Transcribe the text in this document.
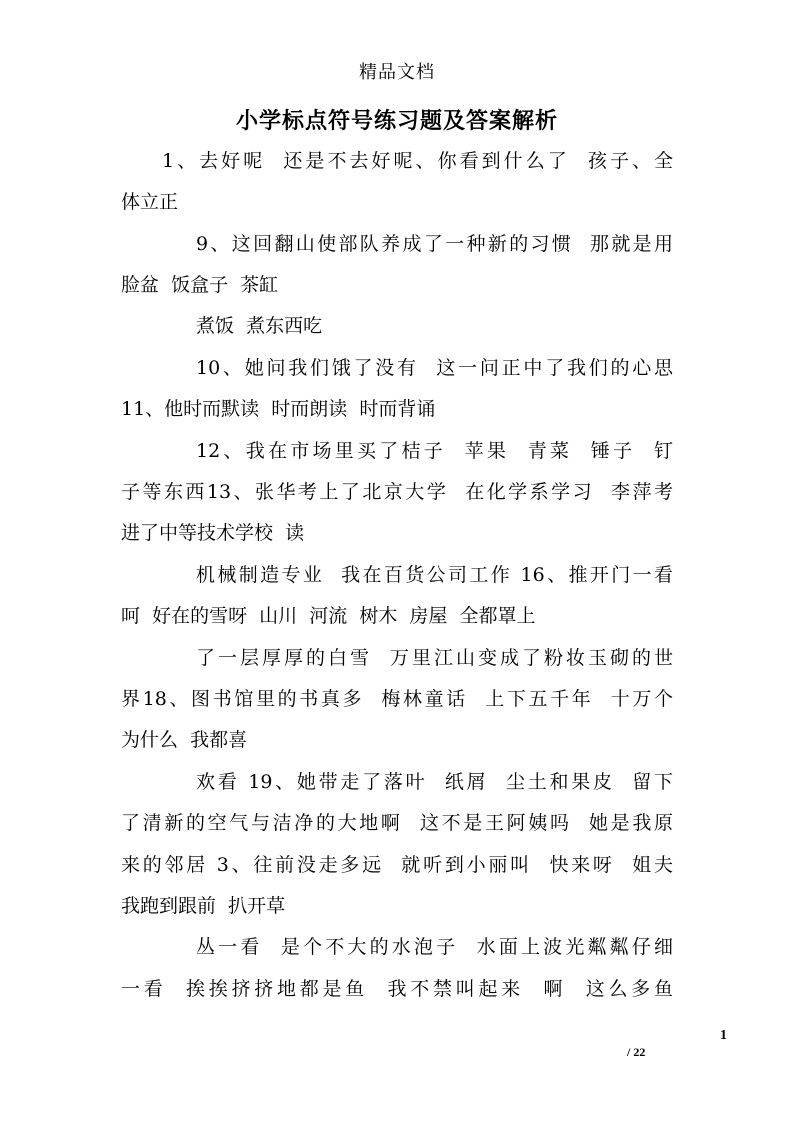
精品文档
小学标点符号练习题及答案解析
1、去好呢  还是不去好呢、你看到什么了  孩子、全
体立正
9、这回翻山使部队养成了一种新的习惯  那就是用
脸盆  饭盒子  茶缸
煮饭  煮东西吃
10、她问我们饿了没有  这一问正中了我们的心思
11、他时而默读  时而朗读  时而背诵
12、我在市场里买了桔子  苹果  青菜  锤子  钉
子等东西13、张华考上了北京大学  在化学系学习  李萍考
进了中等技术学校  读
机械制造专业  我在百货公司工作 16、推开门一看
呵  好在的雪呀  山川  河流  树木  房屋  全都罩上
了一层厚厚的白雪  万里江山变成了粉妆玉砌的世
界18、图书馆里的书真多  梅林童话  上下五千年  十万个
为什么  我都喜
欢看 19、她带走了落叶  纸屑  尘土和果皮  留下
了清新的空气与洁净的大地啊  这不是王阿姨吗  她是我原
来的邻居 3、往前没走多远  就听到小丽叫  快来呀  姐夫
我跑到跟前  扒开草
丛一看  是个不大的水泡子  水面上波光粼粼仔细
一看  挨挨挤挤地都是鱼  我不禁叫起来  啊  这么多鱼
1
/ 22
